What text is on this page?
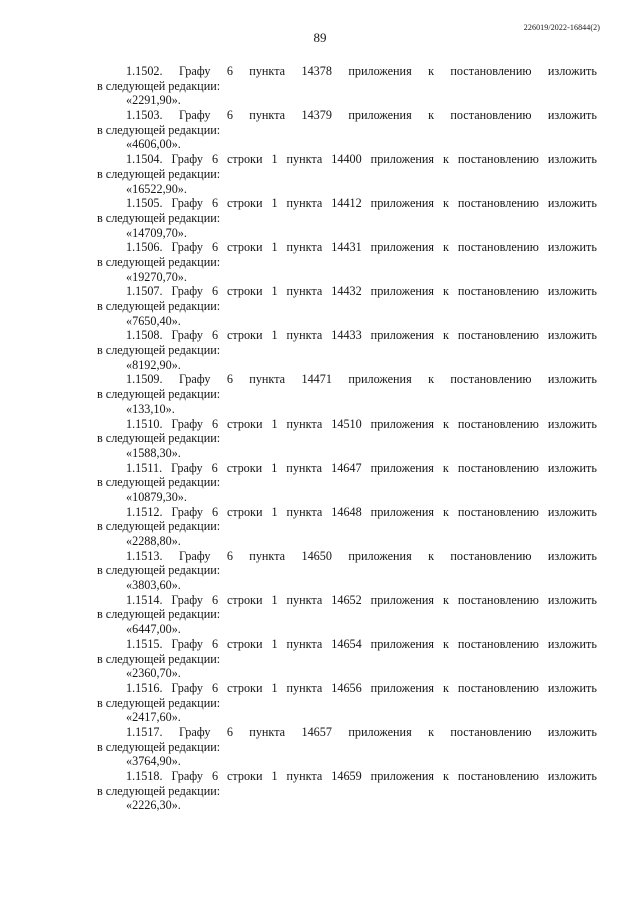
89
226019/2022-16844(2)
1.1502. Графу 6 пункта 14378 приложения к постановлению изложить
в следующей редакции:
«2291,90».
1.1503. Графу 6 пункта 14379 приложения к постановлению изложить
в следующей редакции:
«4606,00».
1.1504. Графу 6 строки 1 пункта 14400 приложения к постановлению изложить
в следующей редакции:
«16522,90».
1.1505. Графу 6 строки 1 пункта 14412 приложения к постановлению изложить
в следующей редакции:
«14709,70».
1.1506. Графу 6 строки 1 пункта 14431 приложения к постановлению изложить
в следующей редакции:
«19270,70».
1.1507. Графу 6 строки 1 пункта 14432 приложения к постановлению изложить
в следующей редакции:
«7650,40».
1.1508. Графу 6 строки 1 пункта 14433 приложения к постановлению изложить
в следующей редакции:
«8192,90».
1.1509. Графу 6 пункта 14471 приложения к постановлению изложить
в следующей редакции:
«133,10».
1.1510. Графу 6 строки 1 пункта 14510 приложения к постановлению изложить
в следующей редакции:
«1588,30».
1.1511. Графу 6 строки 1 пункта 14647 приложения к постановлению изложить
в следующей редакции:
«10879,30».
1.1512. Графу 6 строки 1 пункта 14648 приложения к постановлению изложить
в следующей редакции:
«2288,80».
1.1513. Графу 6 пункта 14650 приложения к постановлению изложить
в следующей редакции:
«3803,60».
1.1514. Графу 6 строки 1 пункта 14652 приложения к постановлению изложить
в следующей редакции:
«6447,00».
1.1515. Графу 6 строки 1 пункта 14654 приложения к постановлению изложить
в следующей редакции:
«2360,70».
1.1516. Графу 6 строки 1 пункта 14656 приложения к постановлению изложить
в следующей редакции:
«2417,60».
1.1517. Графу 6 пункта 14657 приложения к постановлению изложить
в следующей редакции:
«3764,90».
1.1518. Графу 6 строки 1 пункта 14659 приложения к постановлению изложить
в следующей редакции:
«2226,30».
